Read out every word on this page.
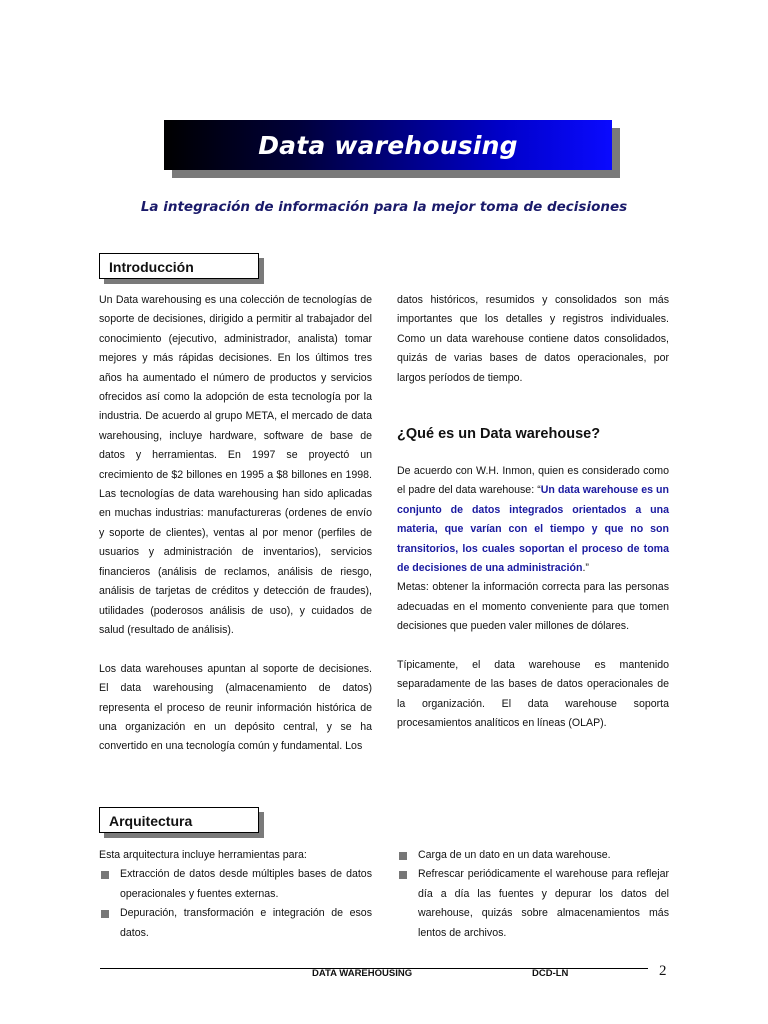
Data warehousing
La integración de información para la mejor toma de decisiones
Introducción

Un Data warehousing es una colección de tecnologías de soporte de decisiones, dirigido a permitir al trabajador del conocimiento (ejecutivo, administrador, analista) tomar mejores y más rápidas decisiones. En los últimos tres años ha aumentado el número de productos y servicios ofrecidos así como la adopción de esta tecnología por la industria. De acuerdo al grupo META, el mercado de data warehousing, incluye hardware, software de base de datos y herramientas. En 1997 se proyectó un crecimiento de $2 billones en 1995 a $8 billones en 1998. Las tecnologías de data warehousing han sido aplicadas en muchas industrias: manufactureras (ordenes de envío y soporte de clientes), ventas al por menor (perfiles de usuarios y administración de inventarios), servicios financieros (análisis de reclamos, análisis de riesgo, análisis de tarjetas de créditos y detección de fraudes), utilidades (poderosos análisis de uso), y cuidados de salud (resultado de análisis).

Los data warehouses apuntan al soporte de decisiones. El data warehousing (almacenamiento de datos) representa el proceso de reunir información histórica de una organización en un depósito central, y se ha convertido en una tecnología común y fundamental. Los

datos históricos, resumidos y consolidados son más importantes que los detalles y registros individuales. Como un data warehouse contiene datos consolidados, quizás de varias bases de datos operacionales, por largos períodos de tiempo.

¿Qué es un Data warehouse?

De acuerdo con W.H. Inmon, quien es considerado como el padre del data warehouse: “Un data warehouse es un conjunto de datos integrados orientados a una materia, que varían con el tiempo y que no son transitorios, los cuales soportan el proceso de toma de decisiones de una administración.”

Metas: obtener la información correcta para las personas adecuadas en el momento conveniente para que tomen decisiones que pueden valer millones de dólares.

Típicamente, el data warehouse es mantenido separadamente de las bases de datos operacionales de la organización. El data warehouse soporta procesamientos analíticos en líneas (OLAP).

Arquitectura

Esta arquitectura incluye herramientas para:

Extracción de datos desde múltiples bases de datos operacionales y fuentes externas.
Depuración, transformación e integración de esos datos.
Carga de un dato en un data warehouse.
Refrescar periódicamente el warehouse para reflejar día a día las fuentes y depurar los datos del warehouse, quizás sobre almacenamientos más lentos de archivos.
DATA WAREHOUSING	DCD-LN	2
